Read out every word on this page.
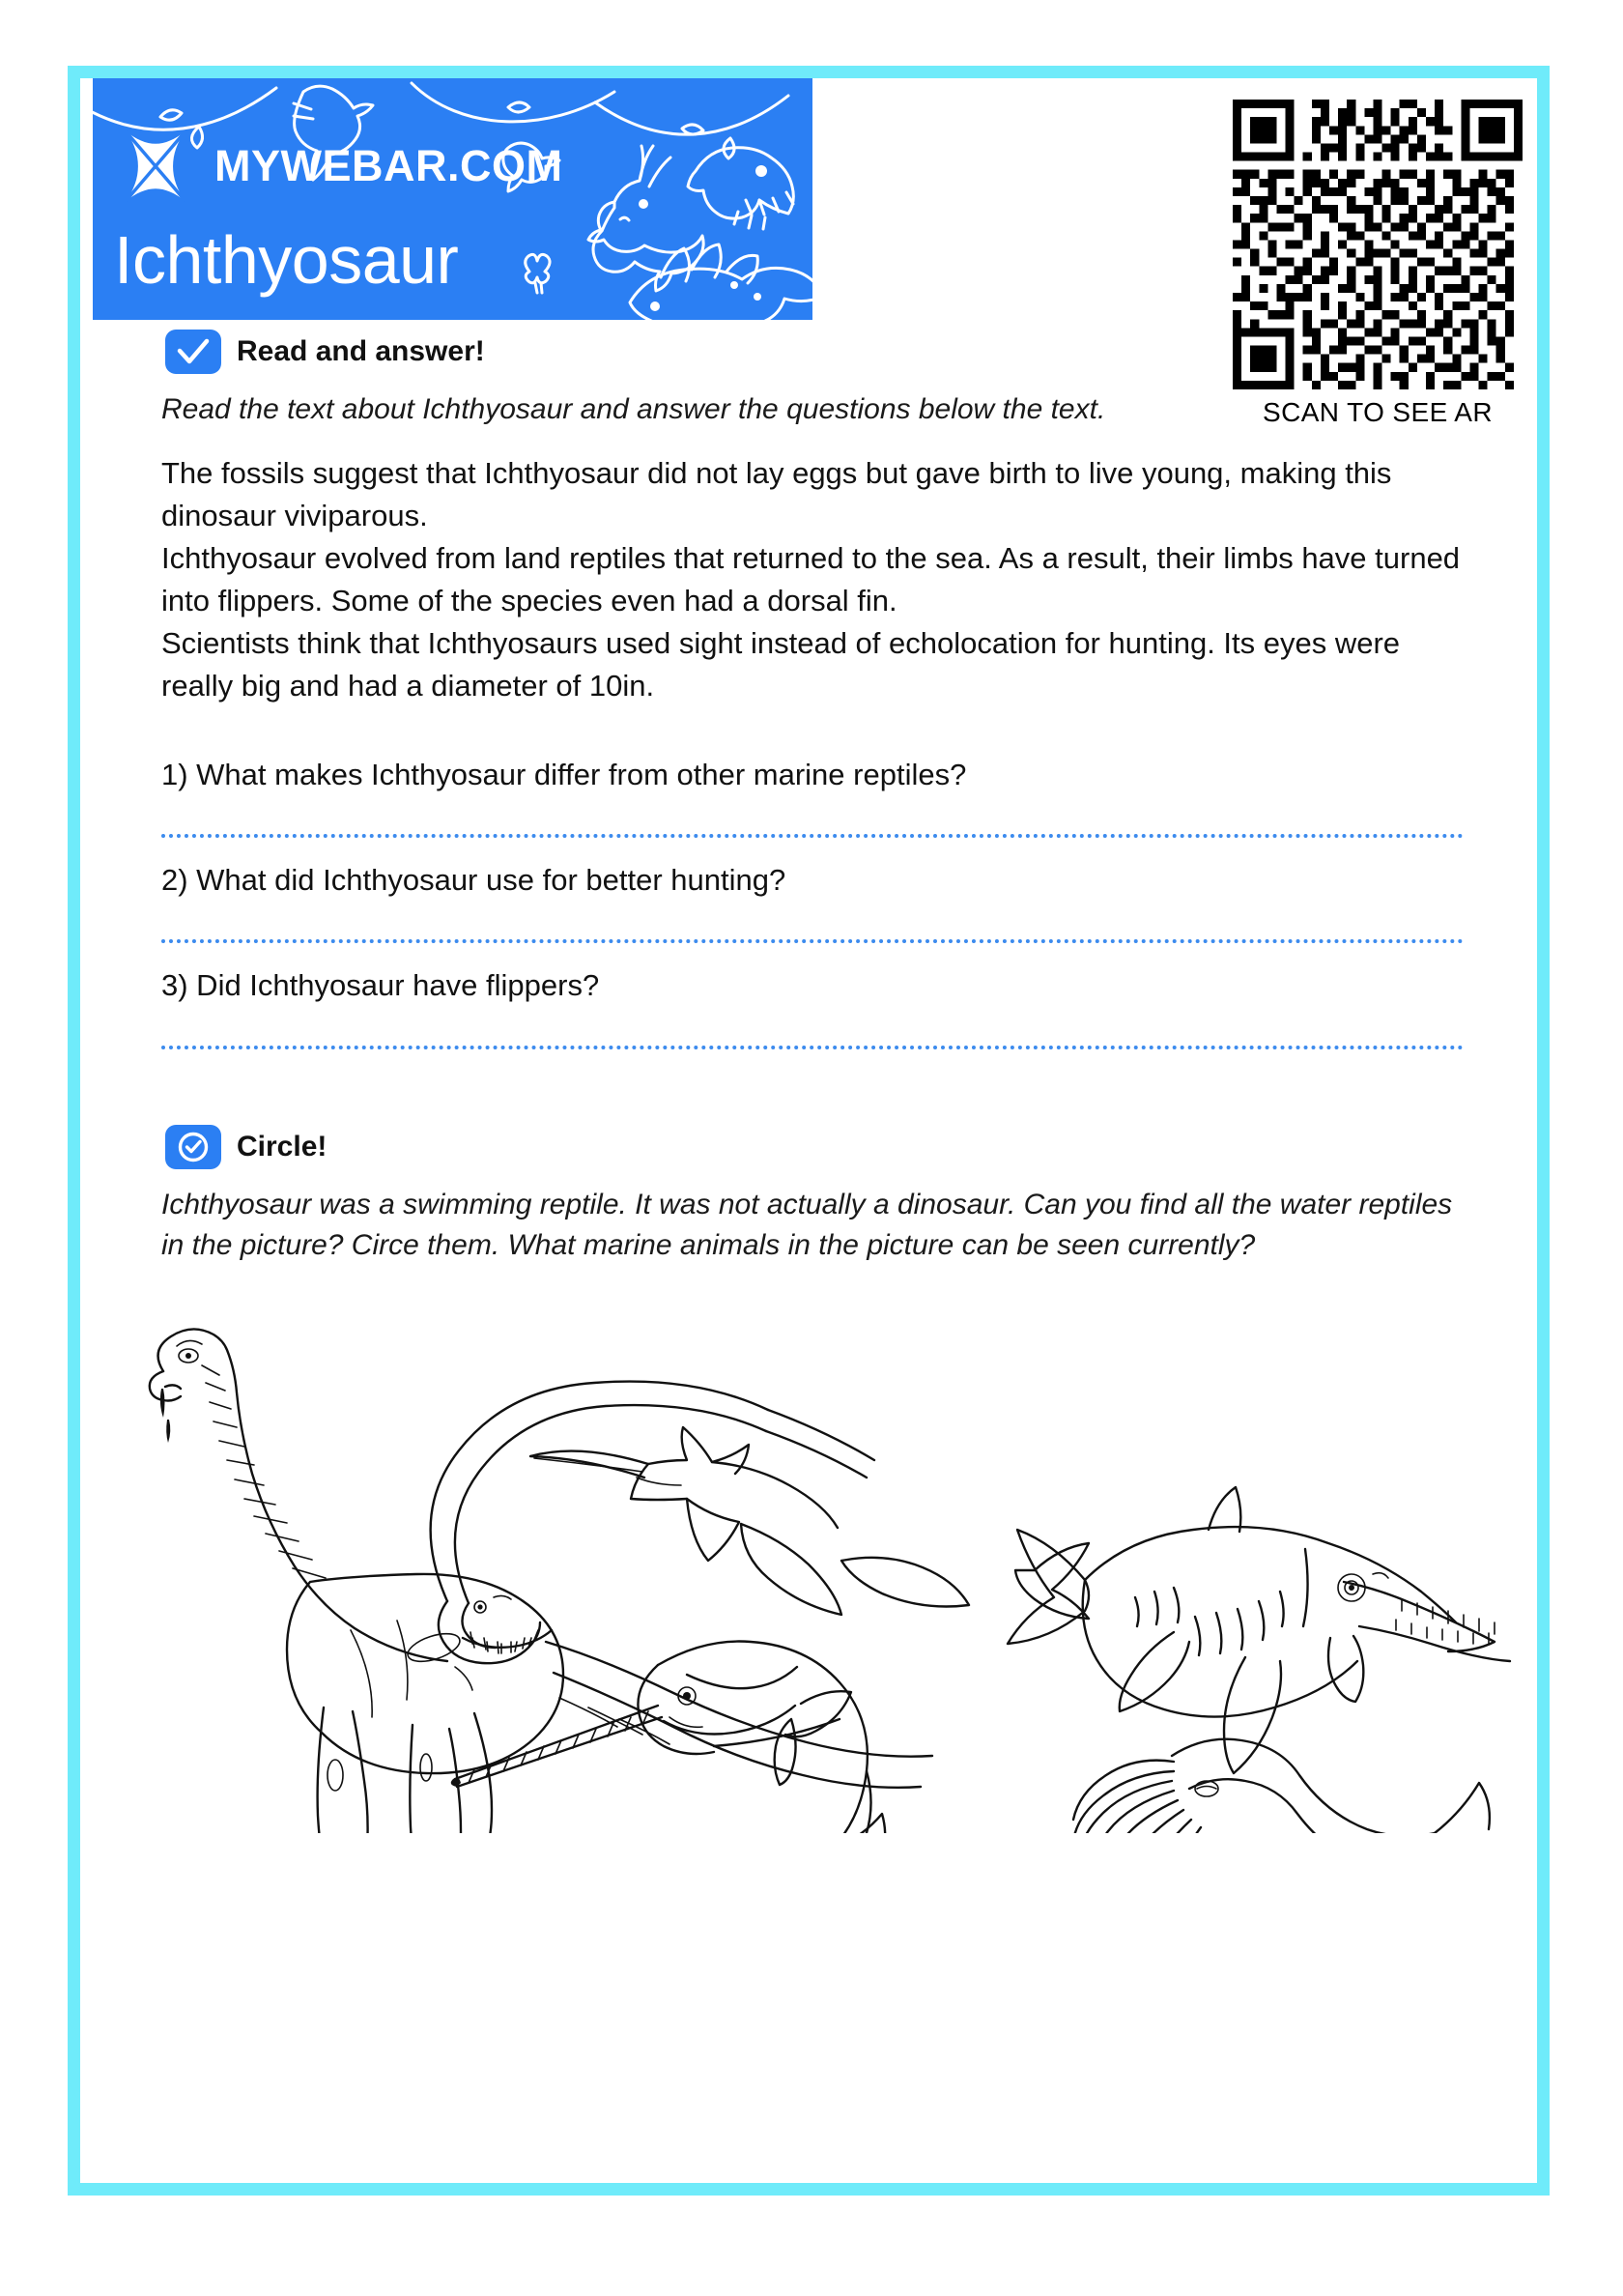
MYWEBAR.COM
Ichthyosaur
SCAN TO SEE AR
Read and answer!
Read the text about Ichthyosaur and answer the questions below the text.

The fossils suggest that Ichthyosaur did not lay eggs but gave birth to live young, making this dinosaur viviparous.

Ichthyosaur evolved from land reptiles that returned to the sea. As a result, their limbs have turned into flippers. Some of the species even had a dorsal fin.

Scientists think that Ichthyosaurs used sight instead of echolocation for hunting. Its eyes were really big and had a diameter of 10in.

1) What makes Ichthyosaur differ from other marine reptiles?
2) What did Ichthyosaur use for better hunting?
3) Did Ichthyosaur have flippers?
Circle!
Ichthyosaur was a swimming reptile. It was not actually a dinosaur. Can you find all the water reptiles in the picture? Circe them. What marine animals in the picture can be seen currently?
